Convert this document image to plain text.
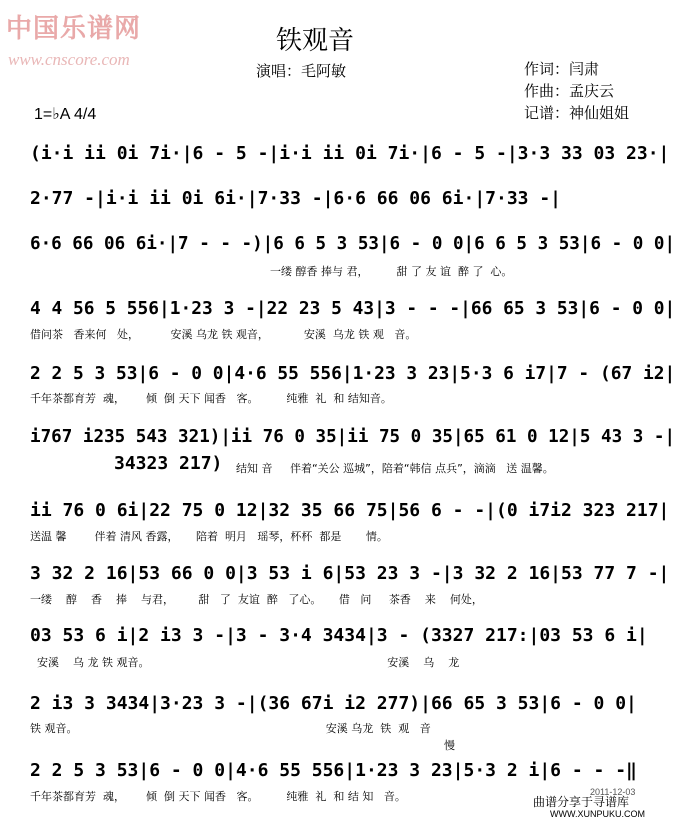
中国乐谱网
www.cnscore.com
铁观音
演唱：毛阿敏	作词：闫肃
作曲：孟庆云
记谱：神仙姐姐
1=♭A 4/4
(i·i ii 0i 7i·|6 - 5 -|i·i ii 0i 7i·|6 - 5 -|3·3 33 03 23·|
2·77 -|i·i ii 0i 6i·|7·33 -|6·6 66 06 6i·|7·33 -|
6·6 66 06 6i·|7 - - -)|6 6 5 3 53|6 - 0 0|6 6 5 3 53|6 - 0 0|
一缕 醇香 捧与 君，        甜 了 友 谊  醉 了  心。
4 4 56 5 556|1·23 3 -|22 23 5 43|3 - - -|66 65 3 53|6 - 0 0|
借问茶   香来何   处，         安溪 乌龙 铁 观音，          安溪  乌龙 铁 观   音。
2 2 5 3 53|6 - 0 0|4·6 55 556|1·23 3 23|5·3 6 i7|7 - (67 i2|
千年茶都育芳  魂，      倾  倒 天下 闻香   客。        纯雅  礼  和 结知音。
i767 i235 543 321)|ii 76 0 35|ii 75 0 35|65 61 0 12|5 43 3 -|
34323 217) 结知 音     伴着“关公 巡城”，陪着“韩信 点兵”，滴滴   送 温馨。
ii 76 0 6i|22 75 0 12|32 35 66 75|56 6 - -|(0 i7i2 323 217|
送温 馨        伴着 清风 香露，     陪着  明月   瑶琴，杯杯  都是       情。
3 32 2 16|53 66 0 0|3 53 i 6|53 23 3 -|3 32 2 16|53 77 7 -|
一缕    醇    香    捧    与君，       甜   了  友谊  醉   了心。     借   问     茶香    来    何处，
03 53 6 i|2 i3 3 -|3 - 3·4 3434|3 - (3327 217:|03 53 6 i|
安溪    乌 龙 铁 观音。                                                                    安溪    乌    龙
2 i3 3 3434|3·23 3 -|(36 67i i2 277)|66 65 3 53|6 - 0 0|
铁 观音。                                                                       安溪 乌龙  铁  观   音
慢
2 2 5 3 53|6 - 0 0|4·6 55 556|1·23 3 23|5·3 2 i|6 - - -‖
千年茶都育芳  魂，      倾  倒 天下 闻香   客。        纯雅  礼  和 结 知   音。	2011-12-03
曲谱分享于寻谱库
WWW.XUNPUKU.COM
